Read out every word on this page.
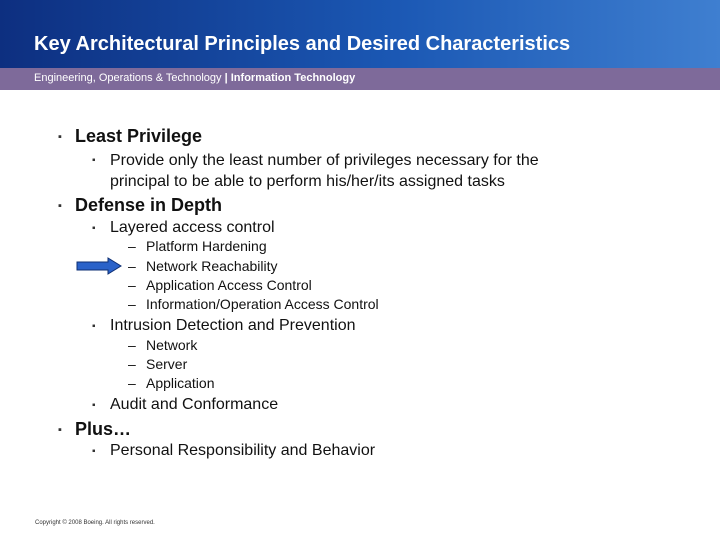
Key Architectural Principles and Desired Characteristics
Engineering, Operations & Technology | Information Technology
▪ Least Privilege
▪ Provide only the least number of privileges necessary for the
principal to be able to perform his/her/its assigned tasks
▪ Defense in Depth
▪ Layered access control
– Platform Hardening
– Network Reachability
– Application Access Control
– Information/Operation Access Control
▪ Intrusion Detection and Prevention
– Network
– Server
– Application
▪ Audit and Conformance
▪ Plus…
▪ Personal Responsibility and Behavior
Copyright © 2008 Boeing. All rights reserved.
